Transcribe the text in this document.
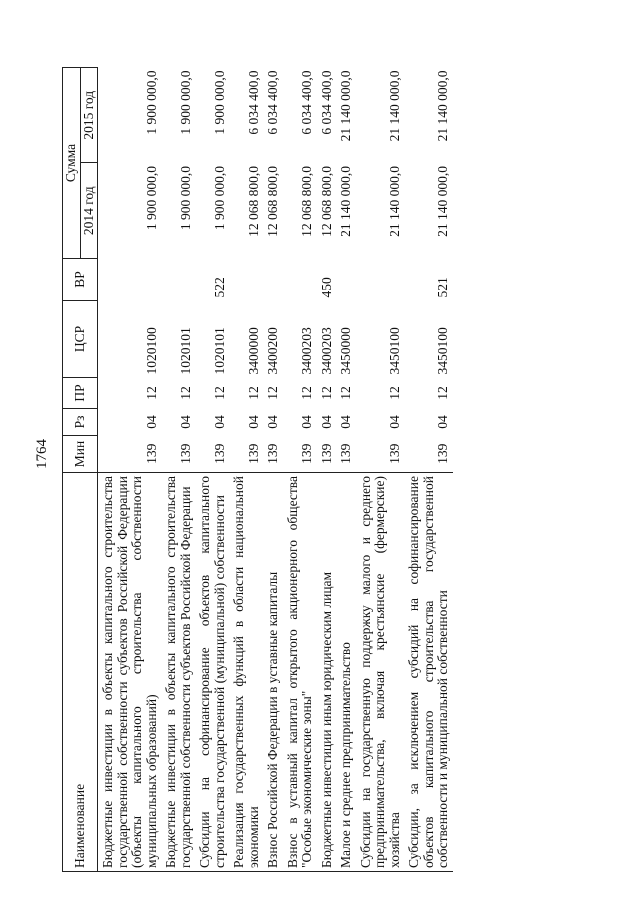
1764
Наименование	Мин	Рз	ПР	ЦСР	ВР	Сумма	
						2014 год	2015 год
Бюджетные инвестиции в объекты капитального строительства государственной собственности субъектов Российской Федерации (объекты капитального строительства собственности муниципальных образований)	139	04	12	1020100		1 900 000,0	1 900 000,0
Бюджетные инвестиции в объекты капитального строительства государственной собственности субъектов Российской Федерации	139	04	12	1020101		1 900 000,0	1 900 000,0
Субсидии на софинансирование объектов капитального строительства государственной (муниципальной) собственности	139	04	12	1020101	522	1 900 000,0	1 900 000,0
Реализация государственных функций в области национальной экономики	139	04	12	3400000		12 068 800,0	6 034 400,0
Взнос Российской Федерации в уставные капиталы	139	04	12	3400200		12 068 800,0	6 034 400,0
Взнос в уставный капитал открытого акционерного общества "Особые экономические зоны"	139	04	12	3400203		12 068 800,0	6 034 400,0
Бюджетные инвестиции иным юридическим лицам	139	04	12	3400203	450	12 068 800,0	6 034 400,0
Малое и среднее предпринимательство	139	04	12	3450000		21 140 000,0	21 140 000,0
Субсидии на государственную поддержку малого и среднего предпринимательства, включая крестьянские (фермерские) хозяйства	139	04	12	3450100		21 140 000,0	21 140 000,0
Субсидии, за исключением субсидий на софинансирование объектов капитального строительства государственной собственности и муниципальной собственности	139	04	12	3450100	521	21 140 000,0	21 140 000,0
